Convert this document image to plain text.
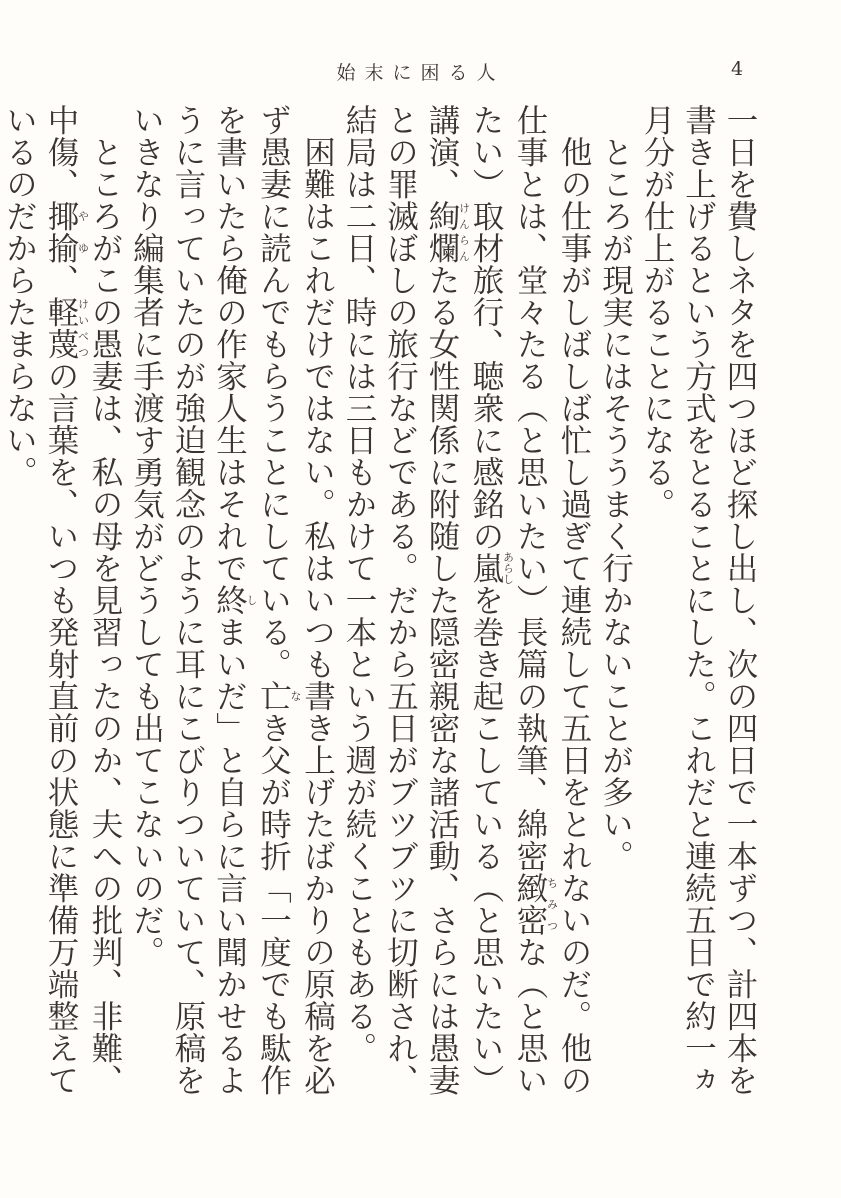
始末に困る人	4

一日を費しネタを四つほど探し出し、次の四日で一本ずつ、計四本を書き上げるという方式をとることにした。これだと連続五日で約一ヵ月分が仕上がることになる。

ところが現実にはそううまく行かないことが多い。

他の仕事がしばしば忙し過ぎて連続して五日をとれないのだ。他の仕事とは、堂々たる（と思いたい）長篇の執筆、綿密緻密ちみつな（と思いたい）取材旅行、聴衆に感銘の嵐あらしを巻き起こしている（と思いたい）講演、絢爛けんらんたる女性関係に附随した隠密親密な諸活動、さらには愚妻との罪滅ぼしの旅行などである。だから五日がブツブツに切断され、結局は二日、時には三日もかけて一本という週が続くこともある。

困難はこれだけではない。私はいつも書き上げたばかりの原稿を必ず愚妻に読んでもらうことにしている。亡なき父が時折「一度でも駄作を書いたら俺の作家人生はそれで終しまいだ」と自らに言い聞かせるように言っていたのが強迫観念のように耳にこびりついていて、原稿をいきなり編集者に手渡す勇気がどうしても出てこないのだ。

ところがこの愚妻は、私の母を見習ったのか、夫への批判、非難、中傷、揶揄やゆ、軽蔑けいべつの言葉を、いつも発射直前の状態に準備万端整えているのだからたまらない。
